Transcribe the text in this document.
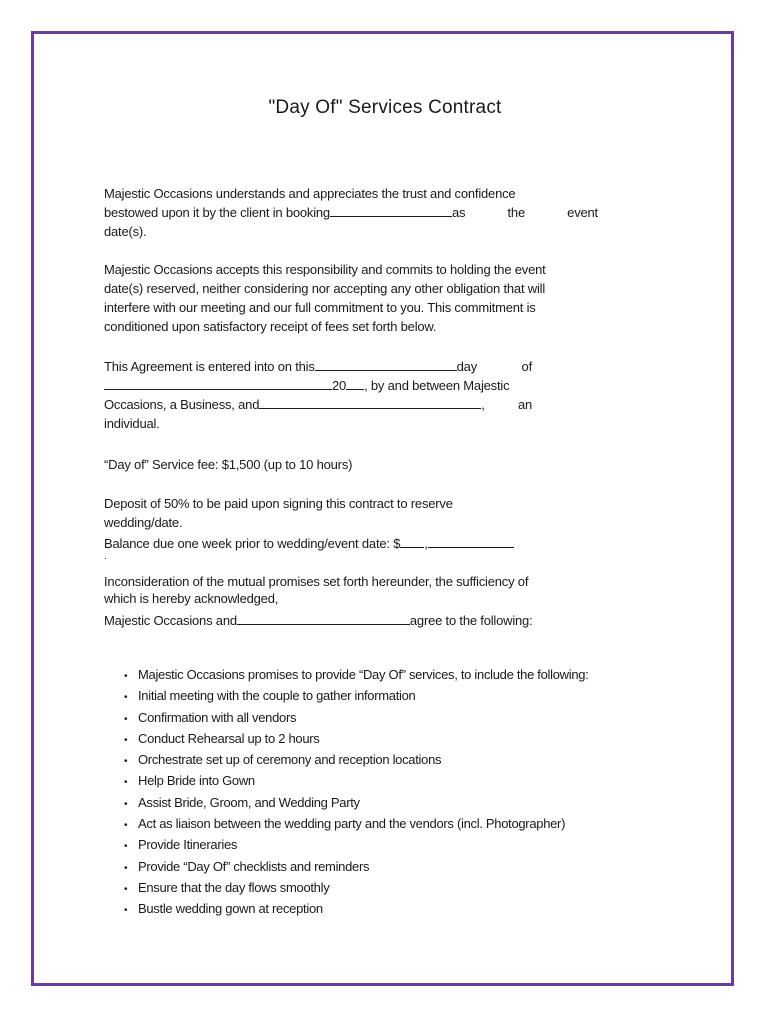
"Day Of" Services Contract
Majestic Occasions understands and appreciates the trust and confidence
bestowed upon it by the client in booking	as	the	event
date(s).
Majestic Occasions accepts this responsibility and commits to holding the event
date(s) reserved, neither considering nor accepting any other obligation that will
interfere with our meeting and our full commitment to you. This commitment is
conditioned upon satisfactory receipt of fees set forth below.
This Agreement is entered into on this	day	of
20 , by and between Majestic
Occasions, a Business, and	,	an
individual.
“Day of” Service fee: $1,500 (up to 10 hours)
Deposit of 50% to be paid upon signing this contract to reserve
wedding/date.
Balance due one week prior to wedding/event date: $ ,
.
Inconsideration of the mutual promises set forth hereunder, the sufficiency of
which is hereby acknowledged,
Majestic Occasions and	agree to the following:
• Majestic Occasions promises to provide “Day Of” services, to include the following:
• Initial meeting with the couple to gather information
• Confirmation with all vendors
• Conduct Rehearsal up to 2 hours
• Orchestrate set up of ceremony and reception locations
• Help Bride into Gown
• Assist Bride, Groom, and Wedding Party
• Act as liaison between the wedding party and the vendors (incl. Photographer)
• Provide Itineraries
• Provide “Day Of” checklists and reminders
• Ensure that the day flows smoothly
• Bustle wedding gown at reception
